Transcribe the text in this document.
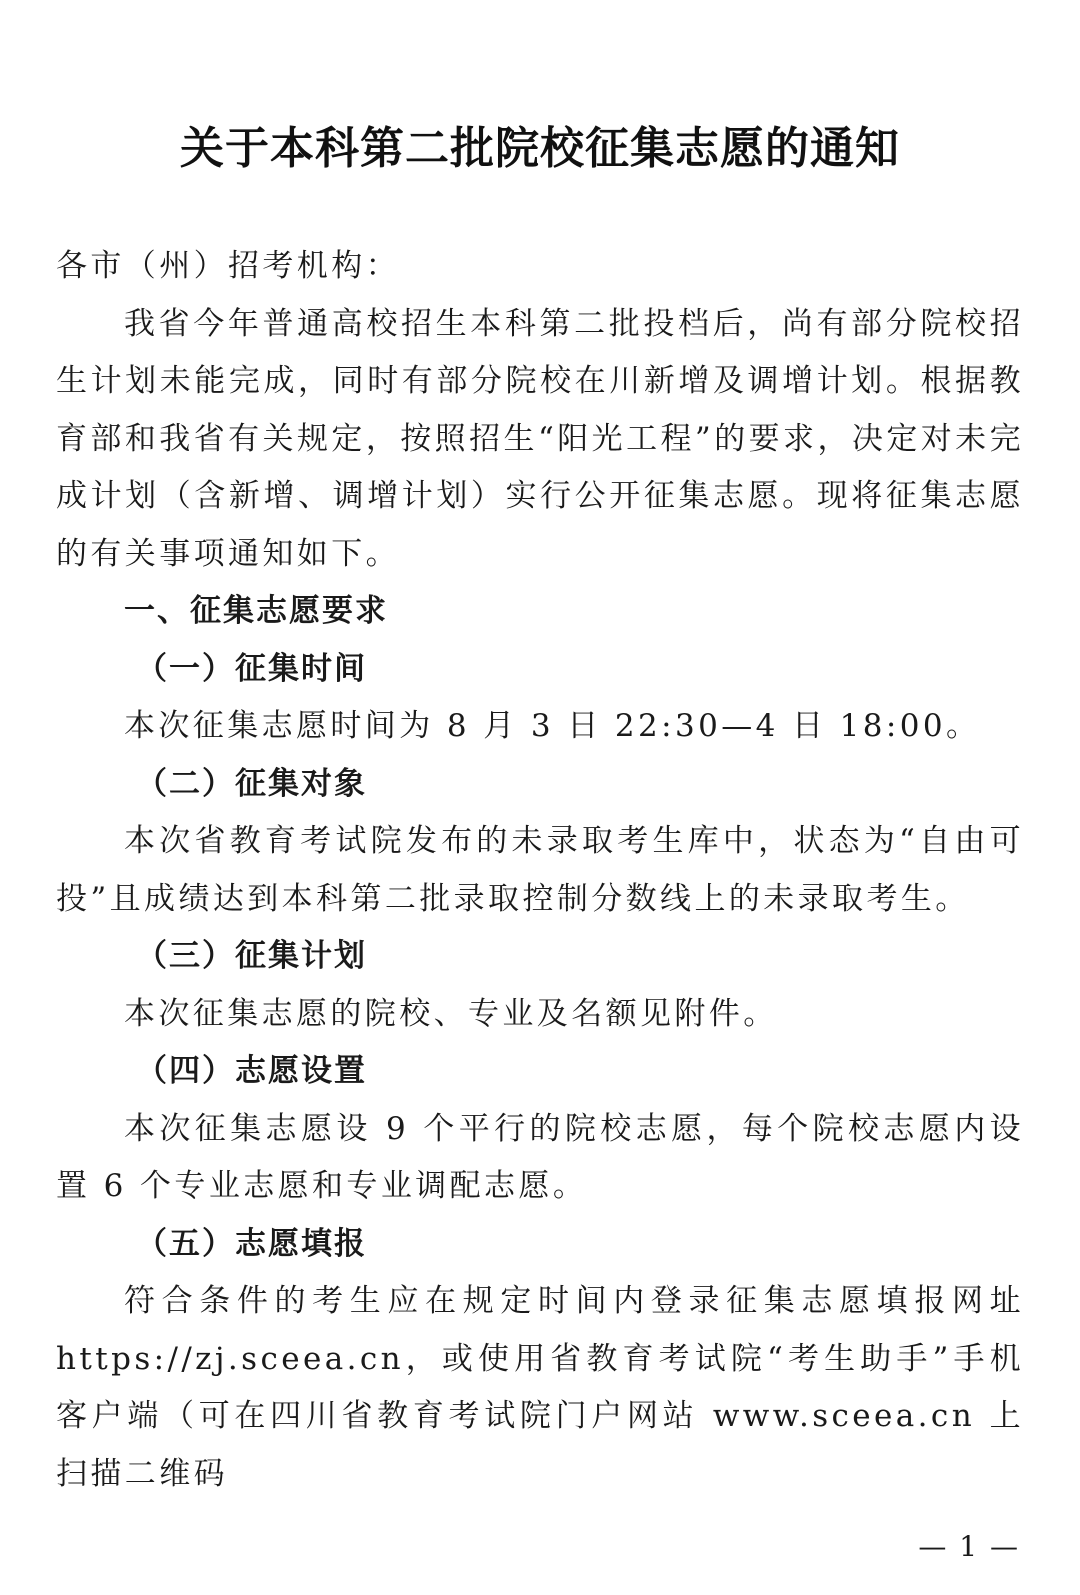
关于本科第二批院校征集志愿的通知

各市（州）招考机构：

我省今年普通高校招生本科第二批投档后，尚有部分院校招生计划未能完成，同时有部分院校在川新增及调增计划。根据教育部和我省有关规定，按照招生“阳光工程”的要求，决定对未完成计划（含新增、调增计划）实行公开征集志愿。现将征集志愿的有关事项通知如下。

一、征集志愿要求

（一）征集时间

本次征集志愿时间为 8 月 3 日 22:30—4 日 18:00。

（二）征集对象

本次省教育考试院发布的未录取考生库中，状态为“自由可投”且成绩达到本科第二批录取控制分数线上的未录取考生。

（三）征集计划

本次征集志愿的院校、专业及名额见附件。

（四）志愿设置

本次征集志愿设 9 个平行的院校志愿，每个院校志愿内设置 6 个专业志愿和专业调配志愿。

（五）志愿填报

符合条件的考生应在规定时间内登录征集志愿填报网址 https://zj.sceea.cn，或使用省教育考试院“考生助手”手机客户端（可在四川省教育考试院门户网站 www.sceea.cn 上扫描二维码

— 1 —
